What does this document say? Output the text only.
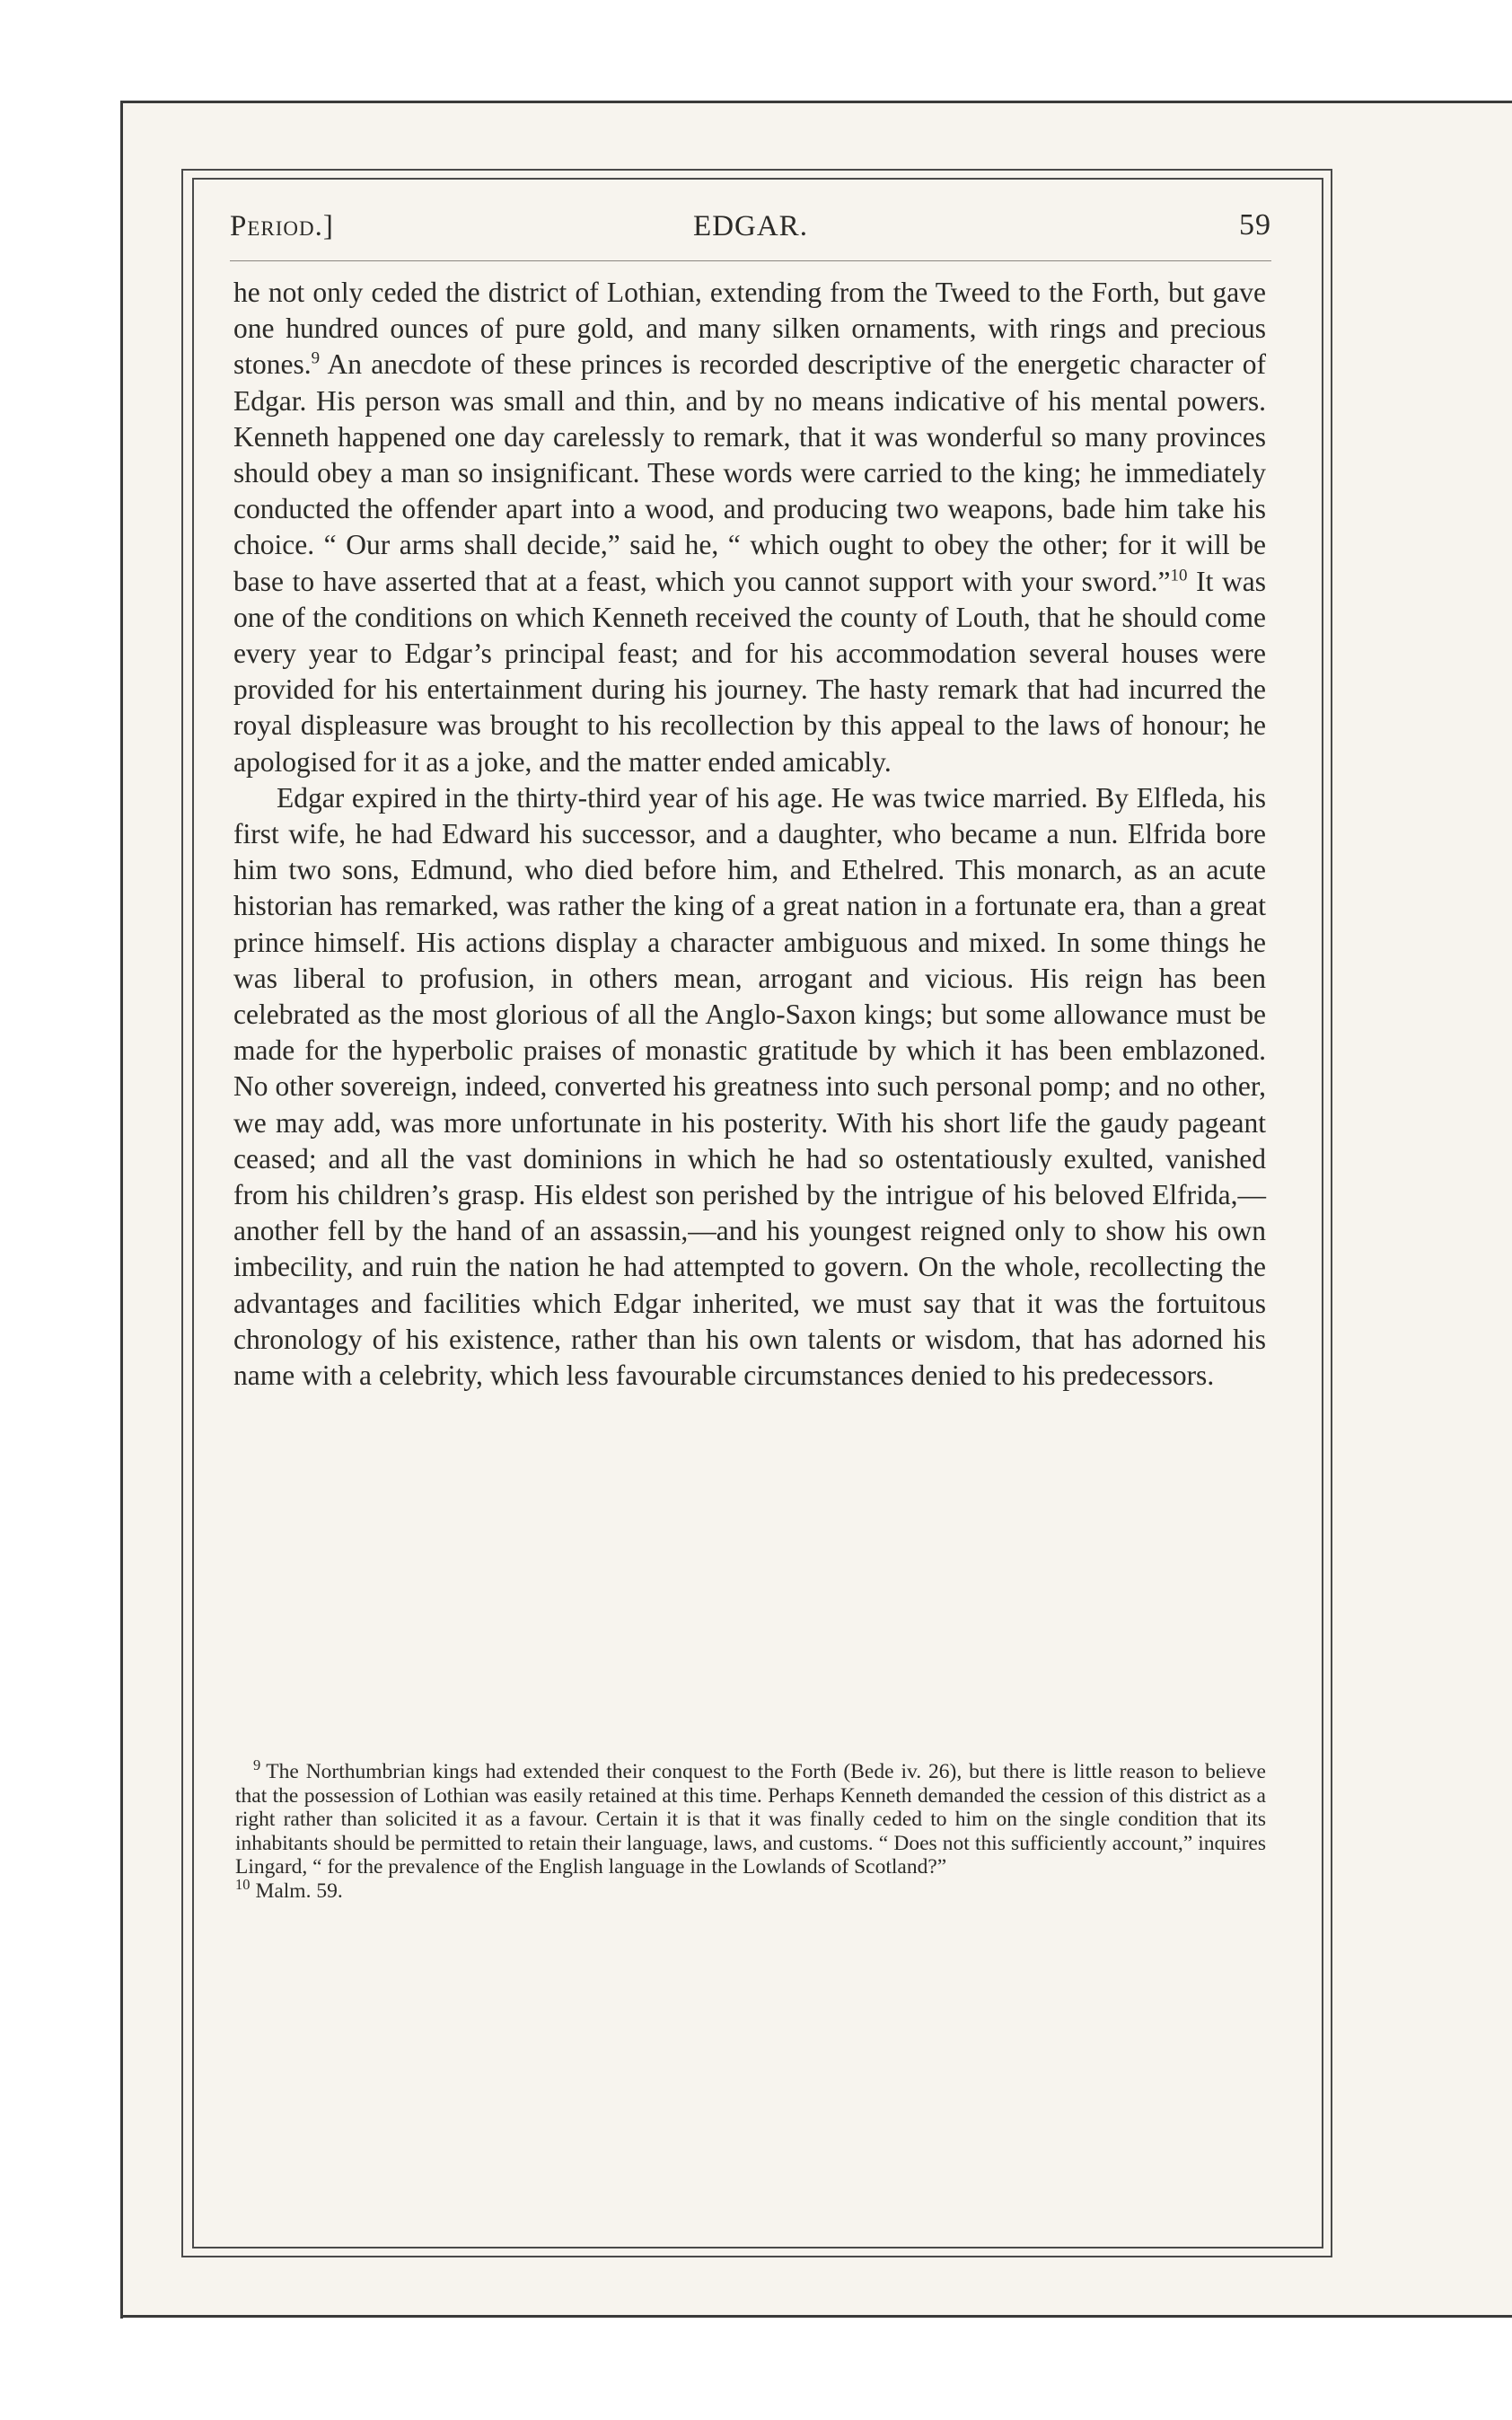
Period.]	EDGAR.	59

he not only ceded the district of Lothian, extending from the Tweed to the Forth, but gave one hundred ounces of pure gold, and many silken ornaments, with rings and precious stones.$^9$ An anecdote of these princes is recorded descriptive of the energetic character of Edgar. His person was small and thin, and by no means indicative of his mental powers. Kenneth happened one day carelessly to remark, that it was wonderful so many provinces should obey a man so insignificant. These words were carried to the king; he immediately conducted the offender apart into a wood, and producing two weapons, bade him take his choice. “ Our arms shall decide,” said he, “ which ought to obey the other; for it will be base to have asserted that at a feast, which you cannot support with your sword.”$^{10}$ It was one of the conditions on which Kenneth received the county of Louth, that he should come every year to Edgar’s principal feast; and for his accommodation several houses were provided for his entertainment during his journey. The hasty remark that had incurred the royal displeasure was brought to his recollection by this appeal to the laws of honour; he apologised for it as a joke, and the matter ended amicably.

Edgar expired in the thirty-third year of his age. He was twice married. By Elfleda, his first wife, he had Edward his successor, and a daughter, who became a nun. Elfrida bore him two sons, Edmund, who died before him, and Ethelred. This monarch, as an acute historian has remarked, was rather the king of a great nation in a fortunate era, than a great prince himself. His actions display a character ambiguous and mixed. In some things he was liberal to profusion, in others mean, arrogant and vicious. His reign has been celebrated as the most glorious of all the Anglo-Saxon kings; but some allowance must be made for the hyperbolic praises of monastic gratitude by which it has been emblazoned. No other sovereign, indeed, converted his greatness into such personal pomp; and no other, we may add, was more unfortunate in his posterity. With his short life the gaudy pageant ceased; and all the vast dominions in which he had so ostentatiously exulted, vanished from his children’s grasp. His eldest son perished by the intrigue of his beloved Elfrida,—another fell by the hand of an assassin,—and his youngest reigned only to show his own imbecility, and ruin the nation he had attempted to govern. On the whole, recollecting the advantages and facilities which Edgar inherited, we must say that it was the fortuitous chronology of his existence, rather than his own talents or wisdom, that has adorned his name with a celebrity, which less favourable circumstances denied to his predecessors.

$^9$ The Northumbrian kings had extended their conquest to the Forth (Bede iv. 26), but there is little reason to believe that the possession of Lothian was easily retained at this time. Perhaps Kenneth demanded the cession of this district as a right rather than solicited it as a favour. Certain it is that it was finally ceded to him on the single condition that its inhabitants should be permitted to retain their language, laws, and customs. “ Does not this sufficiently account,” inquires Lingard, “ for the prevalence of the English language in the Lowlands of Scotland?”

$^{10}$ Malm. 59.
